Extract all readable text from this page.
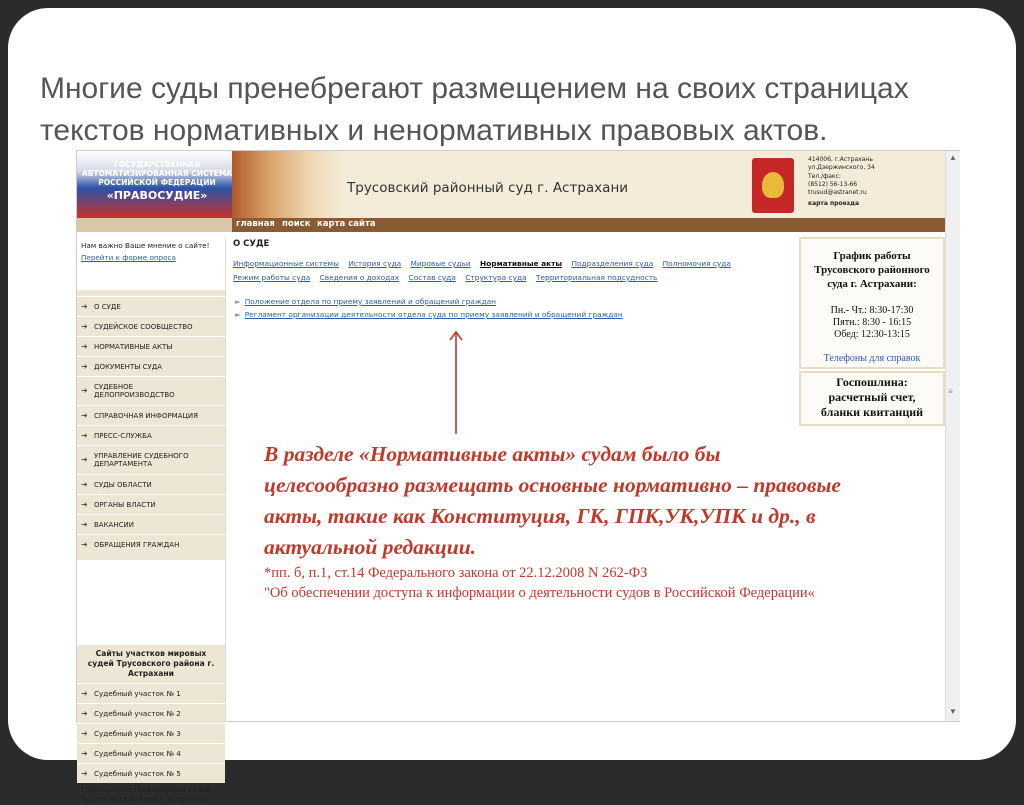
Многие суды пренебрегают размещением на своих страницах текстов нормативных и ненормативных правовых актов.
ГОСУДАРСТВЕННАЯ
АВТОМАТИЗИРОВАННАЯ СИСТЕМА
РОССИЙСКОЙ ФЕДЕРАЦИИ
«ПРАВОСУДИЕ»	Трусовский районный суд г. Астрахани
414006, г.Астрахань
ул.Дзержинского, 34
Тел./факс:
(8512) 56-13-66
trusud@astranet.ru
карта проезда
главная поиск карта сайта
Нам важно Ваше мнение о сайте!
Перейти к форме опроса
➜ О СУДЕ
➜ СУДЕЙСКОЕ СООБЩЕСТВО
➜ НОРМАТИВНЫЕ АКТЫ
➜ ДОКУМЕНТЫ СУДА
➜ СУДЕБНОЕ ДЕЛОПРОИЗВОДСТВО
➜ СПРАВОЧНАЯ ИНФОРМАЦИЯ
➜ ПРЕСС-СЛУЖБА
➜ УПРАВЛЕНИЕ СУДЕБНОГО ДЕПАРТАМЕНТА
➜ СУДЫ ОБЛАСТИ
➜ ОРГАНЫ ВЛАСТИ
➜ ВАКАНСИИ
➜ ОБРАЩЕНИЯ ГРАЖДАН
Сайты участков мировых судей Трусовского района г. Астрахани
➜ Судебный участок № 1
➜ Судебный участок № 2
➜ Судебный участок № 3
➜ Судебный участок № 4
➜ Судебный участок № 5
Границы участков мировых судей Трусовского района г. Астрахани
О СУДЕ
Информационные системы История суда Мировые судьи Нормативные акты Подразделения суда Полномочия суда
Режим работы суда Сведения о доходах Состав суда Структура суда Территориальная подсудность
► Положение отдела по приему заявлений и обращений граждан
► Регламент организации деятельности отдела суда по приему заявлений и обращений граждан
График работы Трусовского районного суда г. Астрахани:
Пн.- Чт.: 8:30-17:30
Пятн.: 8:30 - 16:15
Обед: 12:30-13:15
Телефоны для справок
Госпошлина: расчетный счет, бланки квитанций
▲
≡
▼
В разделе «Нормативные акты» судам было бы целесообразно размещать основные нормативно – правовые акты, такие как Конституция, ГК, ГПК,УК,УПК и др., в актуальной редакции.
*пп. б, п.1, ст.14 Федерального закона от 22.12.2008 N 262-ФЗ
"Об обеспечении доступа к информации о деятельности судов в Российской Федерации«
